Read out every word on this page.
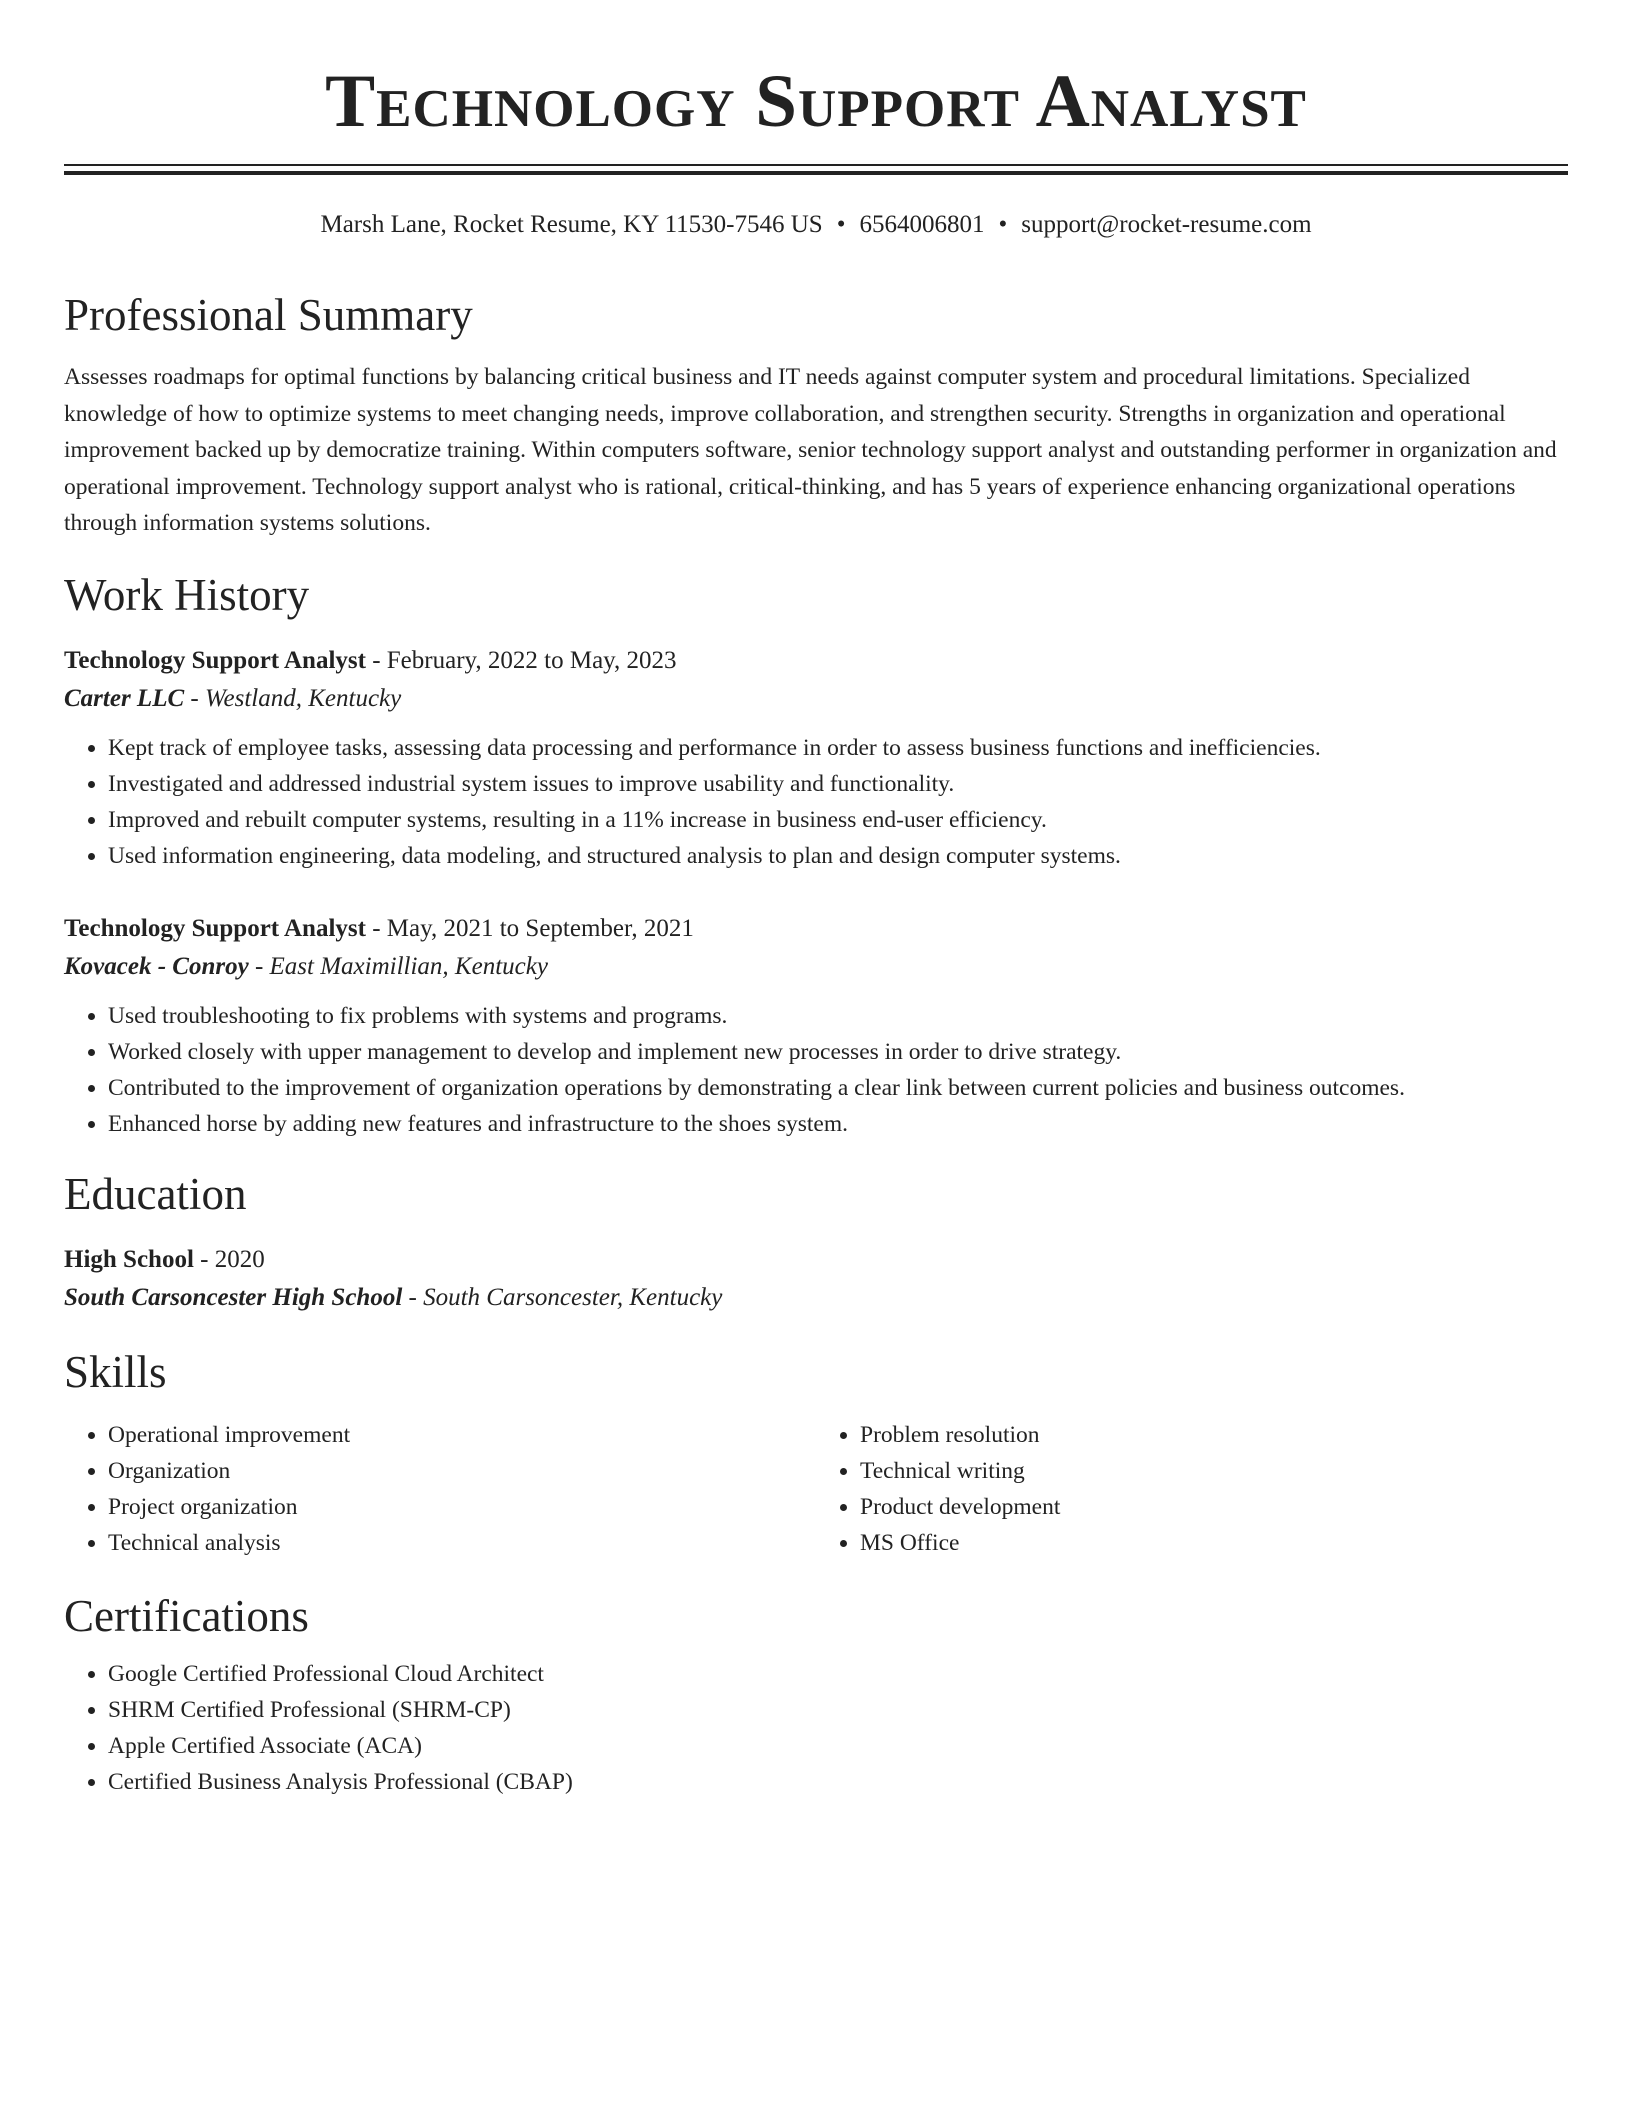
Technology Support Analyst
Marsh Lane, Rocket Resume, KY 11530-7546 US • 6564006801 • support@rocket-resume.com
Professional Summary

Assesses roadmaps for optimal functions by balancing critical business and IT needs against computer system and procedural limitations. Specialized knowledge of how to optimize systems to meet changing needs, improve collaboration, and strengthen security. Strengths in organization and operational improvement backed up by democratize training. Within computers software, senior technology support analyst and outstanding performer in organization and operational improvement. Technology support analyst who is rational, critical-thinking, and has 5 years of experience enhancing organizational operations through information systems solutions.

Work History
Technology Support Analyst - February, 2022 to May, 2023
Carter LLC - Westland, Kentucky
• Kept track of employee tasks, assessing data processing and performance in order to assess business functions and inefficiencies.
• Investigated and addressed industrial system issues to improve usability and functionality.
• Improved and rebuilt computer systems, resulting in a 11% increase in business end-user efficiency.
• Used information engineering, data modeling, and structured analysis to plan and design computer systems.
Technology Support Analyst - May, 2021 to September, 2021
Kovacek - Conroy - East Maximillian, Kentucky
• Used troubleshooting to fix problems with systems and programs.
• Worked closely with upper management to develop and implement new processes in order to drive strategy.
• Contributed to the improvement of organization operations by demonstrating a clear link between current policies and business outcomes.
• Enhanced horse by adding new features and infrastructure to the shoes system.
Education
High School - 2020
South Carsoncester High School - South Carsoncester, Kentucky
Skills
• Operational improvement
• Organization
• Project organization
• Technical analysis
• Problem resolution
• Technical writing
• Product development
• MS Office
Certifications
• Google Certified Professional Cloud Architect
• SHRM Certified Professional (SHRM-CP)
• Apple Certified Associate (ACA)
• Certified Business Analysis Professional (CBAP)
